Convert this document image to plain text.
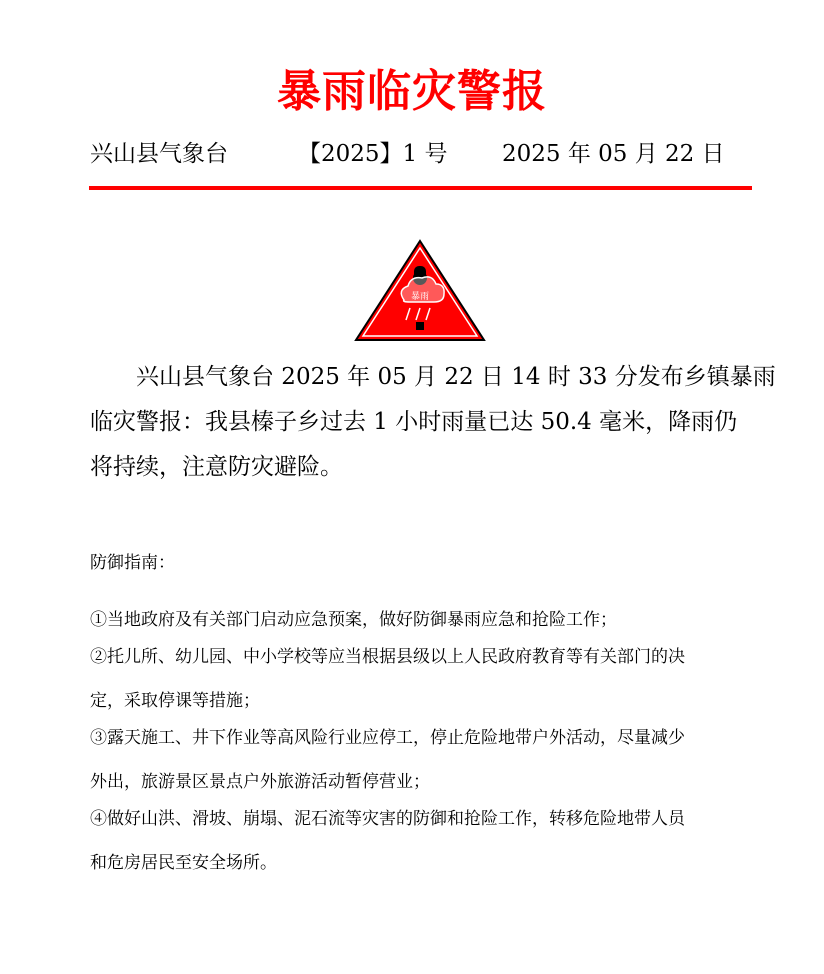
暴雨临灾警报
兴山县气象台	【2025】1 号 2025 年 05 月 22 日
暴雨
兴山县气象台 2025 年 05 月 22 日 14 时 33 分发布乡镇暴雨
临灾警报：我县榛子乡过去 1 小时雨量已达 50.4 毫米，降雨仍
将持续，注意防灾避险。
防御指南：
①当地政府及有关部门启动应急预案，做好防御暴雨应急和抢险工作；
②托儿所、幼儿园、中小学校等应当根据县级以上人民政府教育等有关部门的决
定，采取停课等措施；
③露天施工、井下作业等高风险行业应停工，停止危险地带户外活动，尽量减少
外出，旅游景区景点户外旅游活动暂停营业；
④做好山洪、滑坡、崩塌、泥石流等灾害的防御和抢险工作，转移危险地带人员
和危房居民至安全场所。
